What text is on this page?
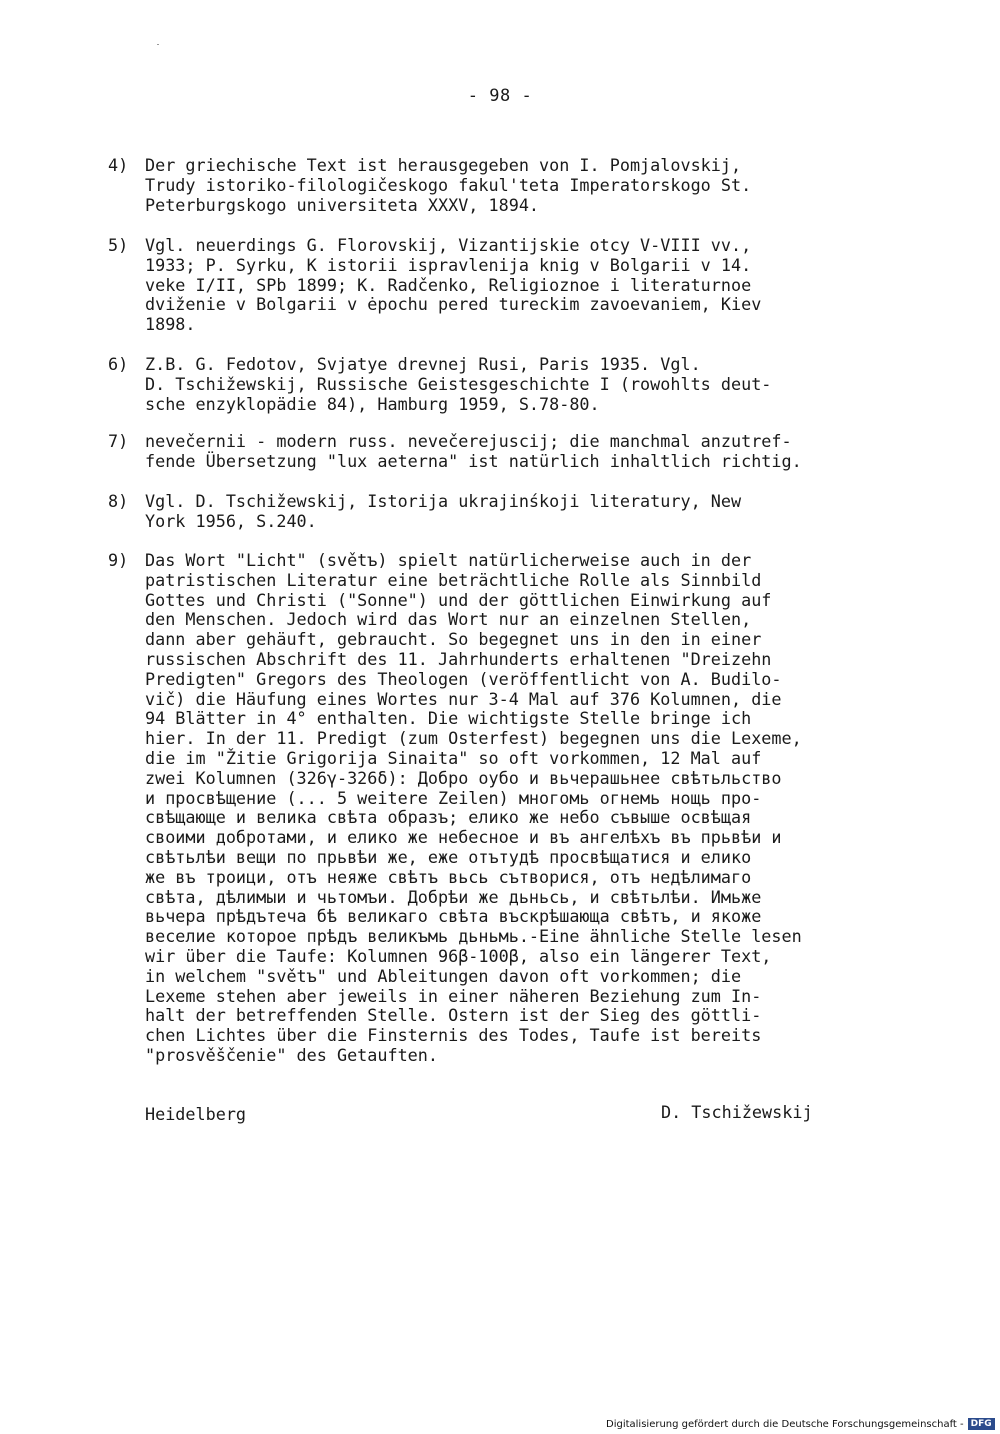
- 98 -
4) Der griechische Text ist herausgegeben von I. Pomjalovskij,
Trudy istoriko-filologičeskogo fakul'teta Imperatorskogo St.
Peterburgskogo universiteta XXXV, 1894.
5) Vgl. neuerdings G. Florovskij, Vizantijskie otcy V-VIII vv.,
1933; P. Syrku, K istorii ispravlenija knig v Bolgarii v 14.
veke I/II, SPb 1899; K. Radčenko, Religioznoe i literaturnoe
dviženie v Bolgarii v ėpochu pered tureckim zavoevaniem, Kiev
1898.
6) Z.B. G. Fedotov, Svjatye drevnej Rusi, Paris 1935. Vgl.
D. Tschižewskij, Russische Geistesgeschichte I (rowohlts deut-
sche enzyklopädie 84), Hamburg 1959, S.78-80.
7) nevečernii - modern russ. nevečerejuscij; die manchmal anzutref-
fende Übersetzung "lux aeterna" ist natürlich inhaltlich richtig.
8) Vgl. D. Tschižewskij, Istorija ukrajinśkoji literatury, New
York 1956, S.240.
9) Das Wort "Licht" (světъ) spielt natürlicherweise auch in der
patristischen Literatur eine beträchtliche Rolle als Sinnbild
Gottes und Christi ("Sonne") und der göttlichen Einwirkung auf
den Menschen. Jedoch wird das Wort nur an einzelnen Stellen,
dann aber gehäuft, gebraucht. So begegnet uns in den in einer
russischen Abschrift des 11. Jahrhunderts erhaltenen "Dreizehn
Predigten" Gregors des Theologen (veröffentlicht von A. Budilo-
vič) die Häufung eines Wortes nur 3-4 Mal auf 376 Kolumnen, die
94 Blätter in 4° enthalten. Die wichtigste Stelle bringe ich
hier. In der 11. Predigt (zum Osterfest) begegnen uns die Lexeme,
die im "Žitie Grigorija Sinaita" so oft vorkommen, 12 Mal auf
zwei Kolumnen (326γ-326δ): Добро оубо и вьчерашьнее свѣтьльство
и просвѣщение (... 5 weitere Zeilen) многомь огнемь нощь про-
свѣщающе и велика свѣта образъ; елико же небо съвыше освѣщая
своими добротами, и елико же небесное и въ ангелѣхъ въ прьвѣи и
свѣтьлѣи вещи по прьвѣи же, еже отътудѣ просвѣщатися и елико
же въ троици, отъ неяже свѣтъ вьсь сътворися, отъ недѣлимаго
свѣта, дѣлимыи и чьтомъи. Добрѣи же дьньсь, и свѣтьлѣи. Имьже
вьчера прѣдътеча бѣ великаго свѣта въскрѣшающа свѣтъ, и якоже
веселие которое прѣдъ великъмь дьньмь.-Eine ähnliche Stelle lesen
wir über die Taufe: Kolumnen 96β-100β, also ein längerer Text,
in welchem "světъ" und Ableitungen davon oft vorkommen; die
Lexeme stehen aber jeweils in einer näheren Beziehung zum In-
halt der betreffenden Stelle. Ostern ist der Sieg des göttli-
chen Lichtes über die Finsternis des Todes, Taufe ist bereits
"prosvěščenie" des Getauften.
Heidelberg	D. Tschižewskij
Digitalisierung gefördert durch die Deutsche Forschungsgemeinschaft - DFG
